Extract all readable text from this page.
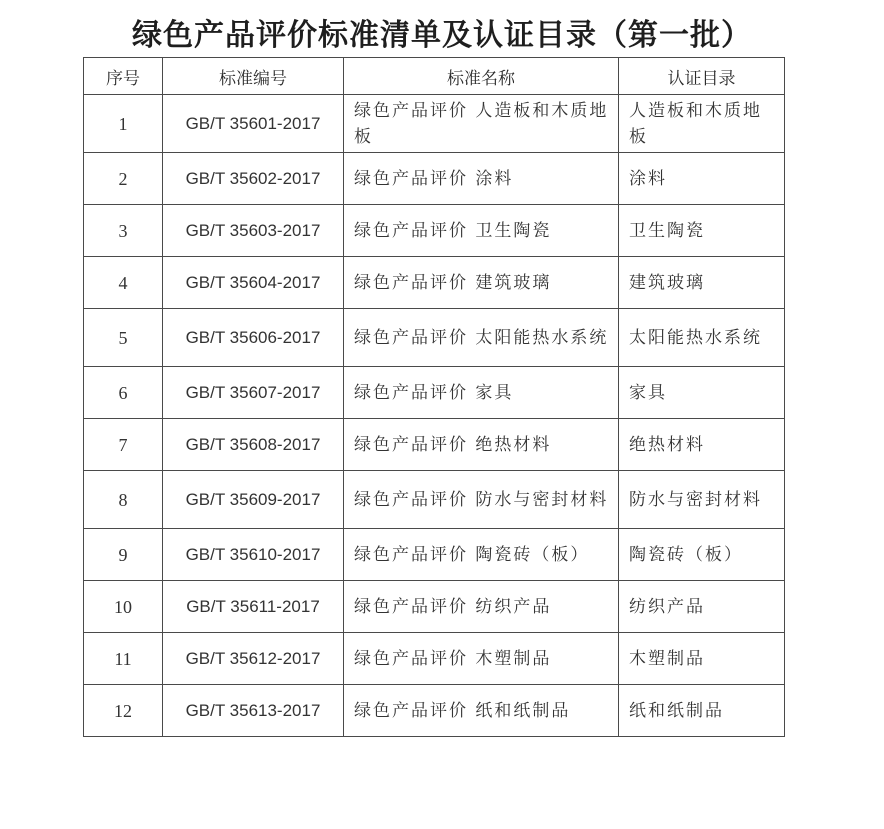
绿色产品评价标准清单及认证目录（第一批）
序号	标准编号	标准名称	认证目录
1	GB/T 35601-2017	绿色产品评价 人造板和木质地板	人造板和木质地板
2	GB/T 35602-2017	绿色产品评价 涂料	涂料
3	GB/T 35603-2017	绿色产品评价 卫生陶瓷	卫生陶瓷
4	GB/T 35604-2017	绿色产品评价 建筑玻璃	建筑玻璃
5	GB/T 35606-2017	绿色产品评价 太阳能热水系统	太阳能热水系统
6	GB/T 35607-2017	绿色产品评价 家具	家具
7	GB/T 35608-2017	绿色产品评价 绝热材料	绝热材料
8	GB/T 35609-2017	绿色产品评价 防水与密封材料	防水与密封材料
9	GB/T 35610-2017	绿色产品评价 陶瓷砖（板）	陶瓷砖（板）
10	GB/T 35611-2017	绿色产品评价 纺织产品	纺织产品
11	GB/T 35612-2017	绿色产品评价 木塑制品	木塑制品
12	GB/T 35613-2017	绿色产品评价 纸和纸制品	纸和纸制品
